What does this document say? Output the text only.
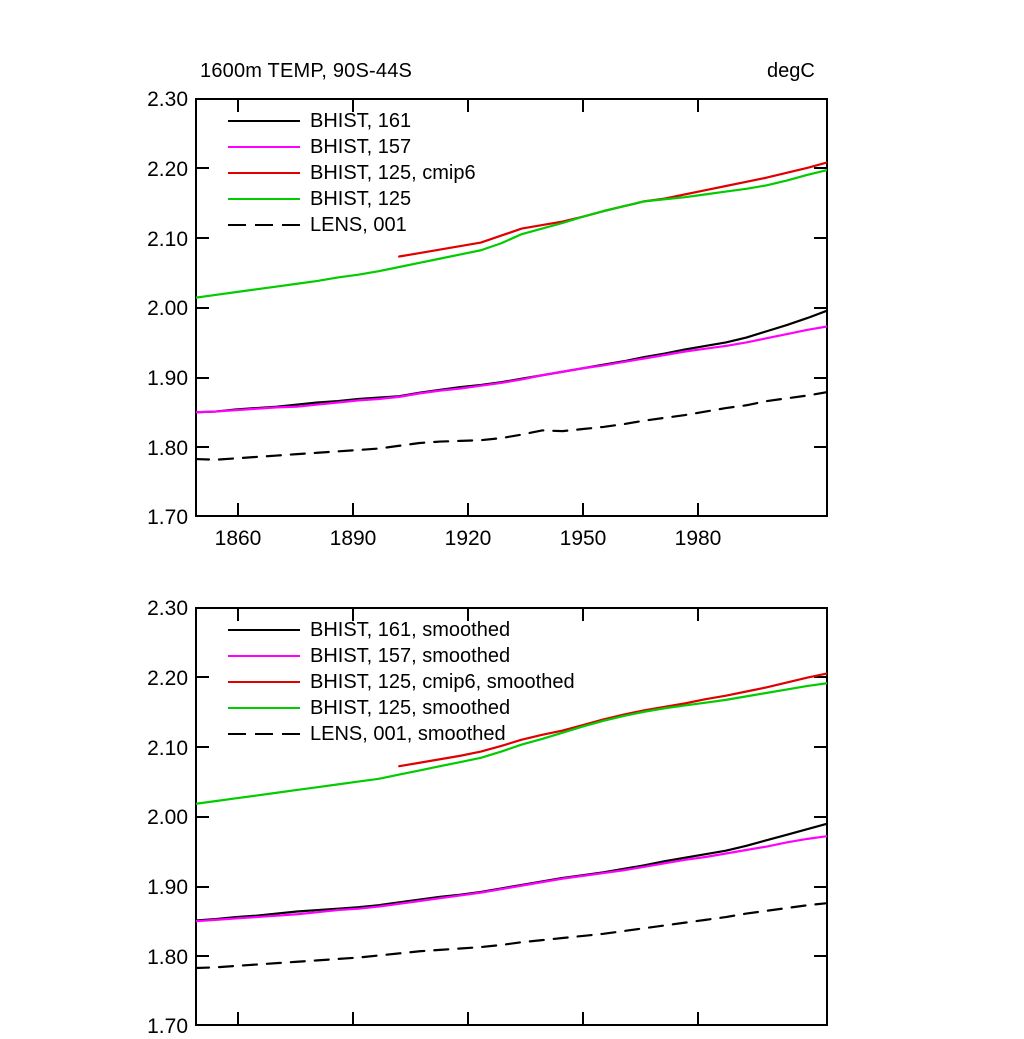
1600m TEMP, 90S-44S	degC
2.30
2.20
2.10
2.00
1.90
1.80
1.70
1860	1890	1920	1950	1980
BHIST, 161
BHIST, 157
BHIST, 125, cmip6
BHIST, 125
LENS, 001
2.30
2.20
2.10
2.00
1.90
1.80
1.70
BHIST, 161, smoothed
BHIST, 157, smoothed
BHIST, 125, cmip6, smoothed
BHIST, 125, smoothed
LENS, 001, smoothed
